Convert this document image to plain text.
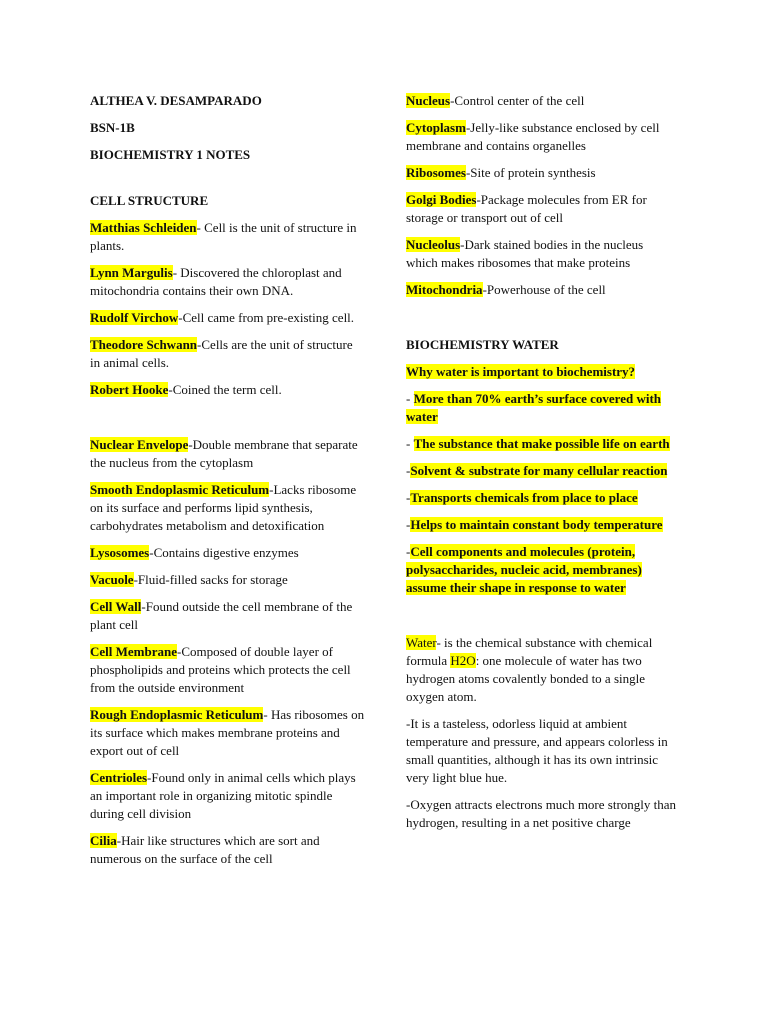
ALTHEA V. DESAMPARADO

BSN-1B

BIOCHEMISTRY 1 NOTES

CELL STRUCTURE

Matthias Schleiden- Cell is the unit of structure in plants.

Lynn Margulis- Discovered the chloroplast and mitochondria contains their own DNA.

Rudolf Virchow-Cell came from pre-existing cell.

Theodore Schwann-Cells are the unit of structure in animal cells.

Robert Hooke-Coined the term cell.

Nuclear Envelope-Double membrane that separate the nucleus from the cytoplasm

Smooth Endoplasmic Reticulum-Lacks ribosome on its surface and performs lipid synthesis, carbohydrates metabolism and detoxification

Lysosomes-Contains digestive enzymes

Vacuole-Fluid-filled sacks for storage

Cell Wall-Found outside the cell membrane of the plant cell

Cell Membrane-Composed of double layer of phospholipids and proteins which protects the cell from the outside environment

Rough Endoplasmic Reticulum- Has ribosomes on its surface which makes membrane proteins and export out of cell

Centrioles-Found only in animal cells which plays an important role in organizing mitotic spindle during cell division

Cilia-Hair like structures which are sort and numerous on the surface of the cell

Nucleus-Control center of the cell

Cytoplasm-Jelly-like substance enclosed by cell membrane and contains organelles

Ribosomes-Site of protein synthesis

Golgi Bodies-Package molecules from ER for storage or transport out of cell

Nucleolus-Dark stained bodies in the nucleus which makes ribosomes that make proteins

Mitochondria-Powerhouse of the cell

BIOCHEMISTRY WATER

Why water is important to biochemistry?

- More than 70% earth’s surface covered with water

- The substance that make possible life on earth

-Solvent & substrate for many cellular reaction

-Transports chemicals from place to place

-Helps to maintain constant body temperature

-Cell components and molecules (protein, polysaccharides, nucleic acid, membranes) assume their shape in response to water

Water- is the chemical substance with chemical formula H2O: one molecule of water has two hydrogen atoms covalently bonded to a single oxygen atom.

-It is a tasteless, odorless liquid at ambient temperature and pressure, and appears colorless in small quantities, although it has its own intrinsic very light blue hue.

-Oxygen attracts electrons much more strongly than hydrogen, resulting in a net positive charge
